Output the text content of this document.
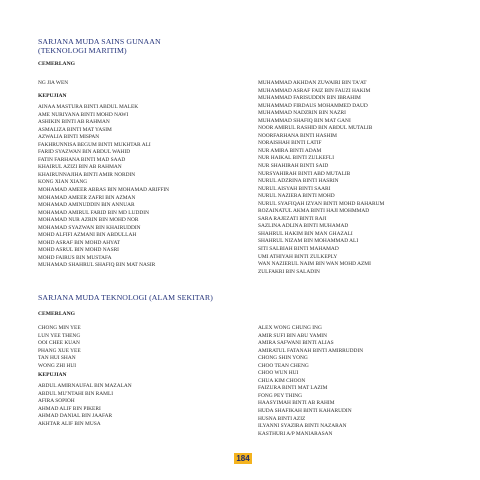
SARJANA MUDA SAINS GUNAAN
(TEKNOLOGI MARITIM)
CEMERLANG
NG JIA WEN
KEPUJIAN
AINAA MASTURA BINTI ABDUL MALEK
AME NURIYANA BINTI MOHD NAWI
ASHIKIN BINTI AB RAHMAN
ASMALIZA BINTI MAT YASIM
AZWALIA BINTI MISPAN
FAKHRUNNISA BEGUM BINTI MUKHTAR ALI
FARID SYAZWAN BIN ABDUL WAHID
FATIN FARHANA BINTI MAD SAAD
KHAIRUL AZIZI BIN AB RAHMAN
KHAIRUNNAJIHA BINTI AMIR NORDIN
KONG XIAN XIANG
MOHAMAD AMEER ABBAS BIN MOHAMAD ARIFFIN
MOHAMAD AMEER ZAFRI BIN AZMAN
MOHAMAD AMINUDDIN BIN ANNUAR
MOHAMAD AMIRUL FARID BIN MD LUDDIN
MOHAMAD NUR AZRIN BIN MOHD NOR
MOHAMAD SYAZWAN BIN KHAIRUDDIN
MOHD ALFIFI AZMANI BIN ABDULLAH
MOHD ASRAF BIN MOHD AHYAT
MOHD ASRUL BIN MOHD NASRI
MOHD FAIRUS BIN MUSTAFA
MUHAMAD SHAHRUL SHAFIQ BIN MAT NASIR
MUHAMMAD AKHDAN ZUWAIRI BIN TA'AT
MUHAMMAD ASRAF FAIZ BIN FAUZI HAKIM
MUHAMMAD FARISUDDIN BIN IBRAHIM
MUHAMMAD FIRDAUS MOHAMMED DAUD
MUHAMMAD NADZRIN BIN NAZRI
MUHAMMAD SHAFIQ BIN MAT GANI
NOOR AMIRUL RASHID BIN ABDUL MUTALIB
NOORFARHANA BINTI HASHIM
NORAISHAH BINTI LATIF
NUR AMIRA BINTI ADAM
NUR HAIKAL BINTI ZULKEFLI
NUR SHAHIRAH BINTI SAID
NURSYAHIRAH BINTI ABD MUTALIB
NURUL ADZRINA BINTI HASRIN
NURUL AISYAH BINTI SAARI
NURUL NAZIERA BINTI MOHD
NURUL SYAFIQAH IZYAN BINTI MOHD BAHARUM
ROZAINATUL AKMA BINTI HAJI MOHMMAD
SARA RAJEZATI BINTI RAJI
SAZLINA ADLINA BINTI MUHAMAD
SHAHRUL HAKIM BIN MAN GHAZALI
SHAHRUL NIZAM BIN MOHAMMAD ALI
SITI SALBIAH BINTI MAHAMAD
UMI ATHIYAH BINTI ZULKEPLY
WAN NAZIERUL NAIM BIN WAN MOHD AZMI
ZULFAKRI BIN SALADIN
SARJANA MUDA TEKNOLOGI (ALAM SEKITAR)
CEMERLANG
CHONG MIN YEE
LUN YEE THENG
OOI CHEE KUAN
PHANG XUE YEE
TAN HUI SHAN
WONG ZHI HUI
KEPUJIAN
ABDUL AMIRNAUFAL BIN MAZALAN
ABDUL MU'NTAHI BIN RAMLI
AFIRA SOPIOH
AHMAD ALIF BIN PIKERI
AHMAD DANIAL BIN JAAFAR
AKHTAR ALIF BIN MUSA
ALEX WONG CHUNG ING
AMIR SUFI BIN ABU YAMIN
AMIRA SAFWANI BINTI ALIAS
AMIRATUL FATANAH BINTI AMIRRUDDIN
CHONG SHIN YONG
CHOO TEAN CHENG
CHOO WUN HUI
CHUA KIM CHOON
FAIZURA BINTI MAT LAZIM
FONG PEY THING
HAASYIMAH BINTI AB RAHIM
HUDA SHAFIKAH BINTI KAHARUDIN
HUSNA BINTI AZIZ
ILYANNI SYAZIRA BINTI NAZARAN
KASTHURI A/P MANIARASAN
184
